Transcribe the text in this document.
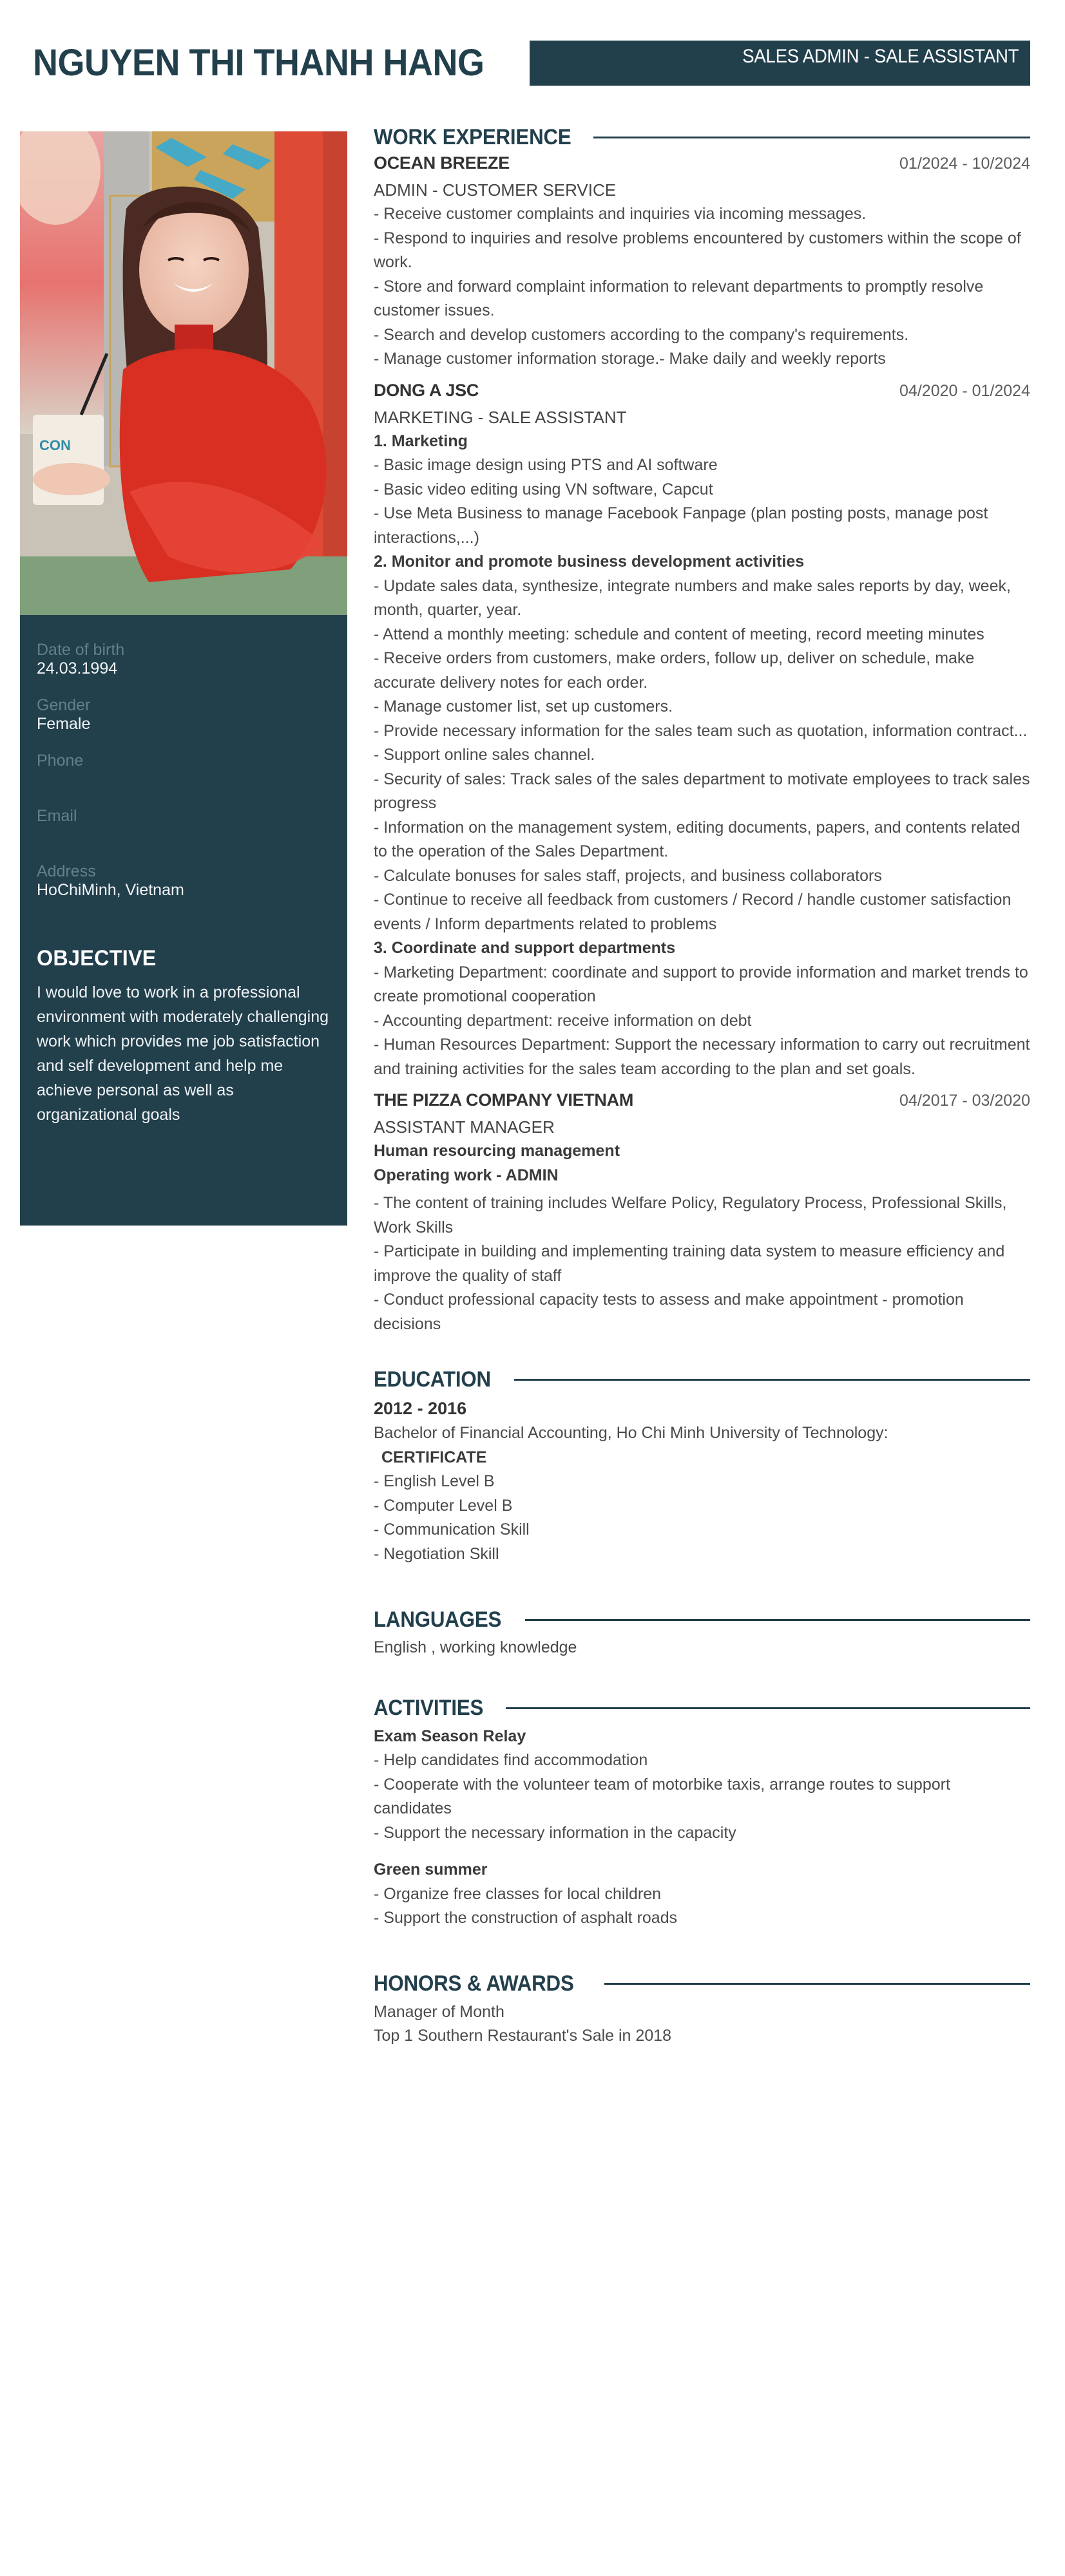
NGUYEN THI THANH HANG	SALES ADMIN - SALE ASSISTANT
CON
Date of birth
24.03.1994
Gender
Female
Phone
Email
Address
HoChiMinh, Vietnam
OBJECTIVE

I would love to work in a professional environment with moderately challenging work which provides me job satisfaction and self development and help me achieve personal as well as organizational goals

WORK EXPERIENCE
OCEAN BREEZE	01/2024 - 10/2024
ADMIN - CUSTOMER SERVICE
- Receive customer complaints and inquiries via incoming messages.
- Respond to inquiries and resolve problems encountered by customers within the scope of work.
- Store and forward complaint information to relevant departments to promptly resolve customer issues.
- Search and develop customers according to the company's requirements.
- Manage customer information storage.- Make daily and weekly reports
DONG A JSC	04/2020 - 01/2024
MARKETING - SALE ASSISTANT
1. Marketing
- Basic image design using PTS and AI software
- Basic video editing using VN software, Capcut
- Use Meta Business to manage Facebook Fanpage (plan posting posts, manage post interactions,...)
2. Monitor and promote business development activities
- Update sales data, synthesize, integrate numbers and make sales reports by day, week, month, quarter, year.
- Attend a monthly meeting: schedule and content of meeting, record meeting minutes
- Receive orders from customers, make orders, follow up, deliver on schedule, make accurate delivery notes for each order.
- Manage customer list, set up customers.
- Provide necessary information for the sales team such as quotation, information contract...
- Support online sales channel.
- Security of sales: Track sales of the sales department to motivate employees to track sales progress
- Information on the management system, editing documents, papers, and contents related to the operation of the Sales Department.
- Calculate bonuses for sales staff, projects, and business collaborators
- Continue to receive all feedback from customers / Record / handle customer satisfaction events / Inform departments related to problems
3. Coordinate and support departments
- Marketing Department: coordinate and support to provide information and market trends to create promotional cooperation
- Accounting department: receive information on debt
- Human Resources Department: Support the necessary information to carry out recruitment and training activities for the sales team according to the plan and set goals.
THE PIZZA COMPANY VIETNAM	04/2017 - 03/2020
ASSISTANT MANAGER
Human resourcing management
Operating work - ADMIN
- The content of training includes Welfare Policy, Regulatory Process, Professional Skills, Work Skills
- Participate in building and implementing training data system to measure efficiency and improve the quality of staff
- Conduct professional capacity tests to assess and make appointment - promotion decisions
EDUCATION
2012 - 2016
Bachelor of Financial Accounting, Ho Chi Minh University of Technology:
CERTIFICATE
- English Level B
- Computer Level B
- Communication Skill
- Negotiation Skill
LANGUAGES
English , working knowledge
ACTIVITIES
Exam Season Relay
- Help candidates find accommodation
- Cooperate with the volunteer team of motorbike taxis, arrange routes to support candidates
- Support the necessary information in the capacity
Green summer
- Organize free classes for local children
- Support the construction of asphalt roads
HONORS & AWARDS
Manager of Month
Top 1 Southern Restaurant's Sale in 2018
